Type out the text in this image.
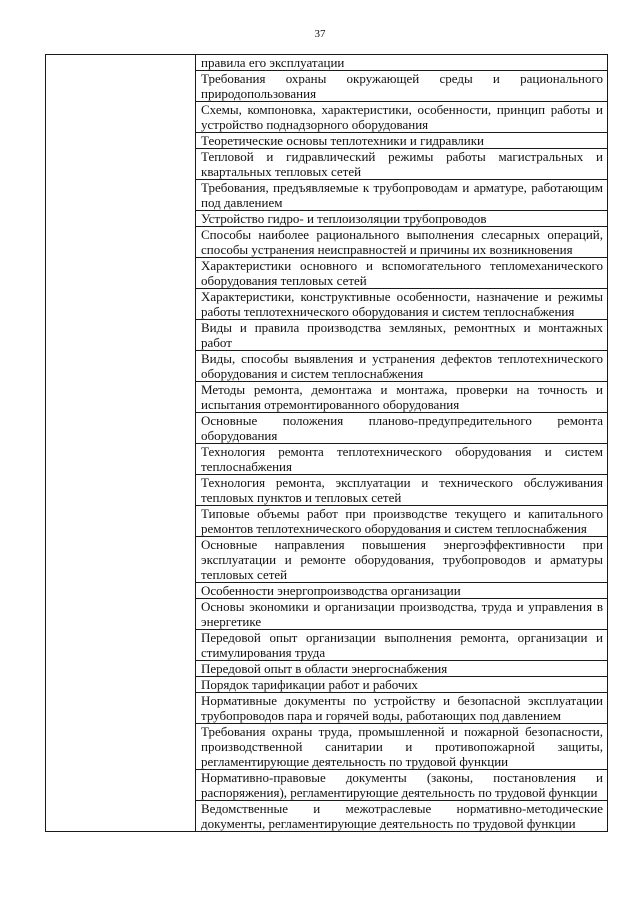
37
	правила его эксплуатации
Требования охраны окружающей среды и рационального природопользования
Схемы, компоновка, характеристики, особенности, принцип работы и устройство поднадзорного оборудования
Теоретические основы теплотехники и гидравлики
Тепловой и гидравлический режимы работы магистральных и квартальных тепловых сетей
Требования, предъявляемые к трубопроводам и арматуре, работающим под давлением
Устройство гидро- и теплоизоляции трубопроводов
Способы наиболее рационального выполнения слесарных операций, способы устранения неисправностей и причины их возникновения
Характеристики основного и вспомогательного тепломеханического оборудования тепловых сетей
Характеристики, конструктивные особенности, назначение и режимы работы теплотехнического оборудования и систем теплоснабжения
Виды и правила производства земляных, ремонтных и монтажных работ
Виды, способы выявления и устранения дефектов теплотехнического оборудования и систем теплоснабжения
Методы ремонта, демонтажа и монтажа, проверки на точность и испытания отремонтированного оборудования
Основные положения планово-предупредительного ремонта оборудования
Технология ремонта теплотехнического оборудования и систем теплоснабжения
Технология ремонта, эксплуатации и технического обслуживания тепловых пунктов и тепловых сетей
Типовые объемы работ при производстве текущего и капитального ремонтов теплотехнического оборудования и систем теплоснабжения
Основные направления повышения энергоэффективности при эксплуатации и ремонте оборудования, трубопроводов и арматуры тепловых сетей
Особенности энергопроизводства организации
Основы экономики и организации производства, труда и управления в энергетике
Передовой опыт организации выполнения ремонта, организации и стимулирования труда
Передовой опыт в области энергоснабжения
Порядок тарификации работ и рабочих
Нормативные документы по устройству и безопасной эксплуатации трубопроводов пара и горячей воды, работающих под давлением
Требования охраны труда, промышленной и пожарной безопасности, производственной санитарии и противопожарной защиты, регламентирующие деятельность по трудовой функции
Нормативно-правовые документы (законы, постановления и распоряжения), регламентирующие деятельность по трудовой функции
Ведомственные и межотраслевые нормативно-методические документы, регламентирующие деятельность по трудовой функции
